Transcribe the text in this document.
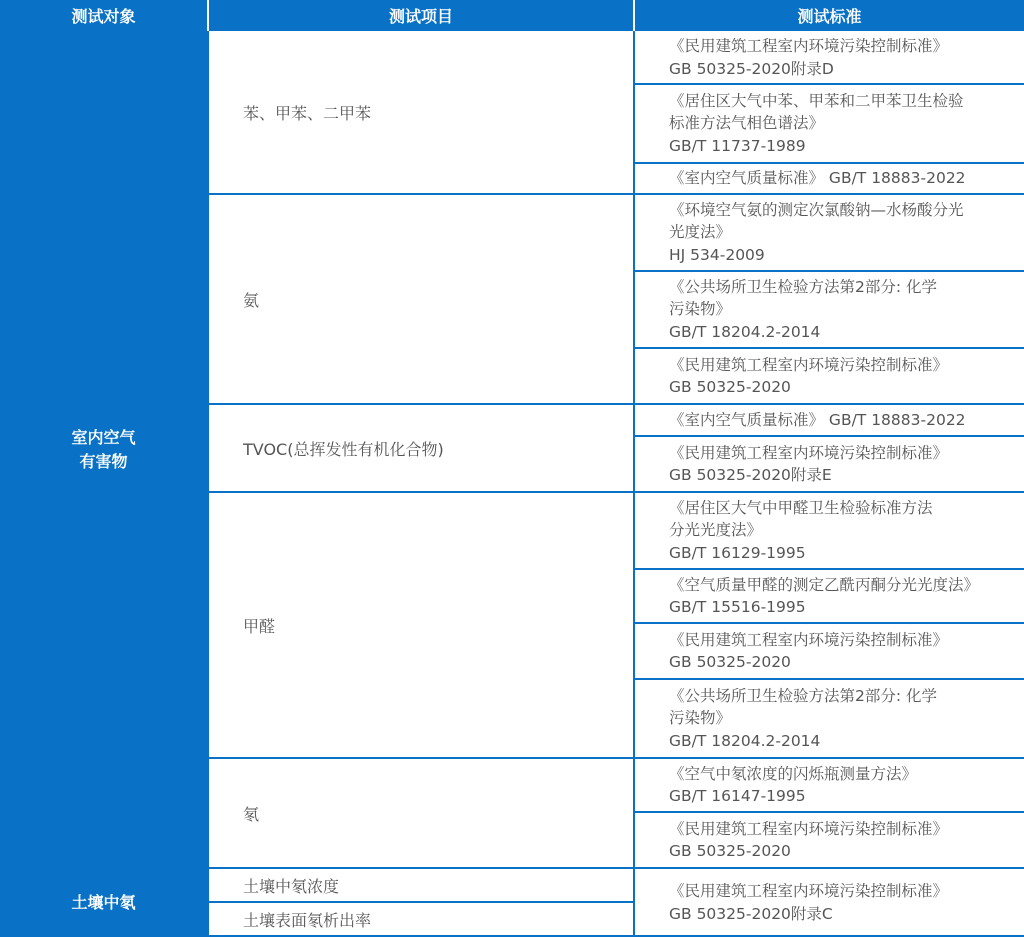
测试对象	测试项目	测试标准
室内空气
有害物
土壤中氡
苯、甲苯、二甲苯
氨
TVOC(总挥发性有机化合物)
甲醛
氡
土壤中氡浓度
土壤表面氡析出率
《民用建筑工程室内环境污染控制标准》
GB 50325-2020附录D
《居住区大气中苯、甲苯和二甲苯卫生检验
标准方法气相色谱法》
GB/T 11737-1989
《室内空气质量标准》 GB/T 18883-2022
《环境空气氨的测定次氯酸钠—水杨酸分光
光度法》
HJ 534-2009
《公共场所卫生检验方法第2部分: 化学
污染物》
GB/T 18204.2-2014
《民用建筑工程室内环境污染控制标准》
GB 50325-2020
《室内空气质量标准》 GB/T 18883-2022
《民用建筑工程室内环境污染控制标准》
GB 50325-2020附录E
《居住区大气中甲醛卫生检验标准方法
分光光度法》
GB/T 16129-1995
《空气质量甲醛的测定乙酰丙酮分光光度法》
GB/T 15516-1995
《民用建筑工程室内环境污染控制标准》
GB 50325-2020
《公共场所卫生检验方法第2部分: 化学
污染物》
GB/T 18204.2-2014
《空气中氡浓度的闪烁瓶测量方法》
GB/T 16147-1995
《民用建筑工程室内环境污染控制标准》
GB 50325-2020
《民用建筑工程室内环境污染控制标准》
GB 50325-2020附录C
